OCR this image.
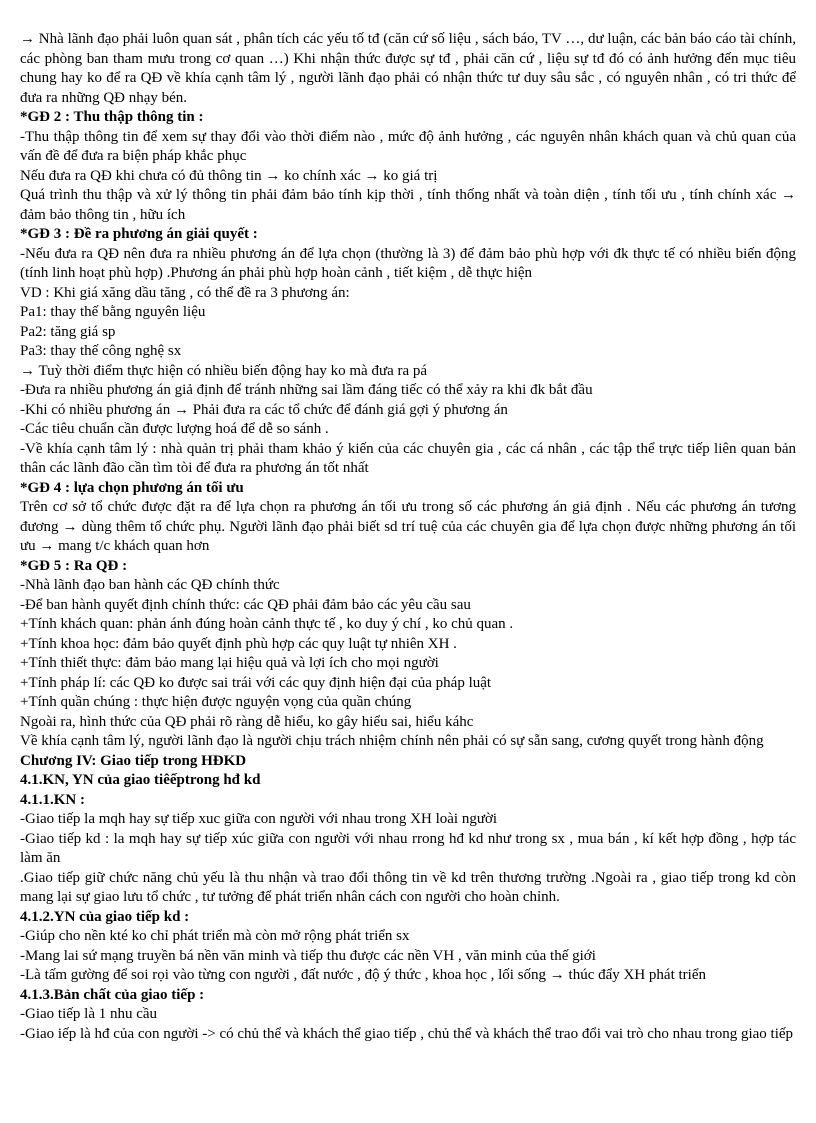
→ Nhà lãnh đạo phải luôn quan sát , phân tích các yếu tố tđ (căn cứ số liệu , sách báo, TV …, dư luận, các bản báo cáo tài chính, các phòng ban tham mưu trong cơ quan …) Khi nhận thức được sự tđ , phải căn cứ , liệu sự tđ đó có ảnh hưởng đến mục tiêu chung hay ko để ra QĐ về khía cạnh tâm lý , người lãnh đạo phải có nhận thức tư duy sâu sắc , có nguyên nhân , có tri thức để đưa ra những QĐ nhạy bén.

*GĐ 2 : Thu thập thông tin :

-Thu thập thông tin để xem sự thay đổi vào thời điểm nào , mức độ ảnh hưởng , các nguyên nhân khách quan và chủ quan của vấn đề để đưa ra biện pháp khắc phục

Nếu đưa ra QĐ khi chưa có đủ thông tin → ko chính xác → ko giá trị

Quá trình thu thập và xử lý thông tin phải đảm bảo tính kịp thời , tính thống nhất và toàn diện , tính tối ưu , tính chính xác → đảm bảo thông tin , hữu ích

*GĐ 3 : Đề ra phương án giải quyết :

-Nếu đưa ra QĐ nên đưa ra nhiều phương án để lựa chọn (thường là 3) để đảm bảo phù hợp với đk thực tế có nhiều biến động (tính linh hoạt phù hợp) .Phương án phải phù hợp hoàn cảnh , tiết kiệm , dễ thực hiện

VD : Khi giá xăng dầu tăng , có thể đề ra 3 phương án:

Pa1: thay thế bằng nguyên liệu

Pa2: tăng giá sp

Pa3: thay thế công nghệ sx

→ Tuỳ thời điểm thực hiện có nhiều biến động hay ko mà đưa ra pá

-Đưa ra nhiều phương án giả định để tránh những sai lầm đáng tiếc có thể xảy ra khi đk bắt đầu

-Khi có nhiều phương án → Phải đưa ra các tổ chức để đánh giá gợi ý phương án

-Các tiêu chuẩn cần được lượng hoá để dễ so sánh .

-Về khía cạnh tâm lý : nhà quản trị phải tham khảo ý kiến của các chuyên gia , các cá nhân , các tập thể trực tiếp liên quan bản thân các lãnh đão cần tìm tòi để đưa ra phương án tốt nhất

*GĐ 4 : lựa chọn phương án tối ưu

Trên cơ sở tổ chức được đặt ra để lựa chọn ra phương án tối ưu trong số các phương án giả định . Nếu các phương án tương đương → dùng thêm tổ chức phụ. Người lãnh đạo phải biết sd trí tuệ của các chuyên gia để lựa chọn được những phương án tối ưu → mang t/c khách quan hơn

*GĐ 5 : Ra QĐ :

-Nhà lãnh đạo ban hành các QĐ chính thức

-Để ban hành quyết định chính thức: các QĐ phải đảm bảo các yêu cầu sau

+Tính khách quan: phản ánh đúng hoàn cảnh thực tế , ko duy ý chí , ko chủ quan .

+Tính khoa học: đảm bảo quyết định phù hợp các quy luật tự nhiên XH .

+Tính thiết thực: đảm bảo mang lại hiệu quả và lợi ích cho mọi người

+Tính pháp lí: các QĐ ko được sai trái với các quy định hiện đại của pháp luật

+Tính quần chúng : thực hiện được nguyện vọng của quần chúng

Ngoài ra, hình thức của QĐ phải rõ ràng dễ hiểu, ko gây hiểu sai, hiểu káhc

Về khía cạnh tâm lý, người lãnh đạo là người chịu trách nhiệm chính nên phải có sự sẵn sang, cương quyết trong hành động

Chương IV: Giao tiếp trong HĐKD

4.1.KN, YN của giao tiêếptrong hđ kd

4.1.1.KN :

-Giao tiếp la mqh hay sự tiếp xuc giữa con người với nhau trong XH loài người

-Giao tiếp kd : la mqh hay sự tiếp xúc giữa con người với nhau rrong hđ kd như trong sx , mua bán , kí kết hợp đồng , hợp tác làm ăn

.Giao tiếp giữ chức năng chủ yếu là thu nhận và trao đổi thông tin về kd trên thương trường .Ngoài ra , giao tiếp trong kd còn mang lại sự giao lưu tổ chức , tư tưởng để phát triển nhân cách con người cho hoàn chỉnh.

4.1.2.YN của giao tiếp kd :

-Giúp cho nền kté ko chỉ phát triển mà còn mở rộng phát triển sx

-Mang lai sứ mạng truyền bá nền văn minh và tiếp thu được các nền VH , văn minh của thế giới

-Là tấm gường để soi rọi vào từng con người , đất nước , độ ý thức , khoa học , lối sống → thúc đẩy XH phát triển

4.1.3.Bản chất của giao tiếp :

-Giao tiếp là 1 nhu cầu

-Giao iếp là hđ của con người -> có chủ thể và khách thể giao tiếp , chủ thể và khách thể trao đổi vai trò cho nhau trong giao tiếp
